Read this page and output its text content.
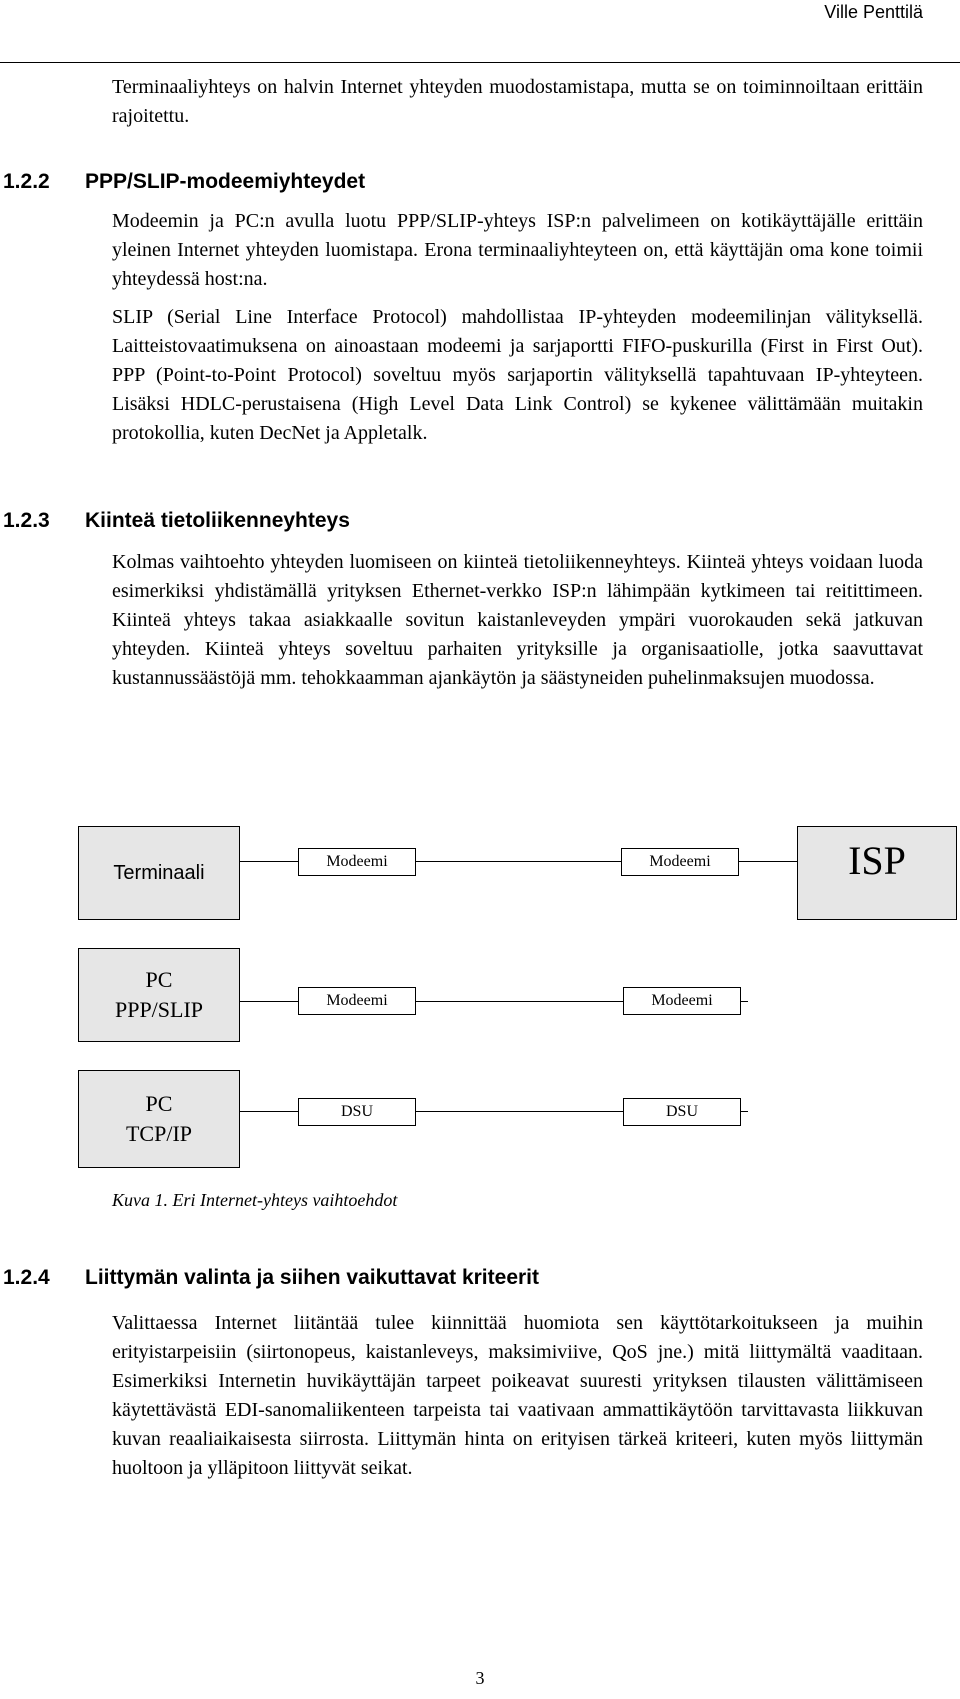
Ville Penttilä

Terminaaliyhteys on halvin Internet yhteyden muodostamistapa, mutta se on toiminnoiltaan erittäin rajoitettu.

1.2.2 PPP/SLIP-modeemiyhteydet

Modeemin ja PC:n avulla luotu PPP/SLIP-yhteys ISP:n palvelimeen on kotikäyttäjälle erittäin yleinen Internet yhteyden luomistapa. Erona terminaaliyhteyteen on, että käyttäjän oma kone toimii yhteydessä host:na.

SLIP (Serial Line Interface Protocol) mahdollistaa IP-yhteyden modeemilinjan välityksellä. Laitteistovaatimuksena on ainoastaan modeemi ja sarjaportti FIFO-puskurilla (First in First Out). PPP (Point-to-Point Protocol) soveltuu myös sarjaportin välityksellä tapahtuvaan IP-yhteyteen. Lisäksi HDLC-perustaisena (High Level Data Link Control) se kykenee välittämään muitakin protokollia, kuten DecNet ja Appletalk.

1.2.3 Kiinteä tietoliikenneyhteys

Kolmas vaihtoehto yhteyden luomiseen on kiinteä tietoliikenneyhteys. Kiinteä yhteys voidaan luoda esimerkiksi yhdistämällä yrityksen Ethernet-verkko ISP:n lähimpään kytkimeen tai reitittimeen. Kiinteä yhteys takaa asiakkaalle sovitun kaistanleveyden ympäri vuorokauden sekä jatkuvan yhteyden. Kiinteä yhteys soveltuu parhaiten yrityksille ja organisaatiolle, jotka saavuttavat kustannussäästöjä mm. tehokkaamman ajankäytön ja säästyneiden puhelinmaksujen muodossa.

Terminaali	Modeemi	Modeemi	ISP
PC
PPP/SLIP	Modeemi	Modeemi
PC
TCP/IP
DSU	DSU

Kuva 1. Eri Internet-yhteys vaihtoehdot

1.2.4 Liittymän valinta ja siihen vaikuttavat kriteerit

Valittaessa Internet liitäntää tulee kiinnittää huomiota sen käyttötarkoitukseen ja muihin erityistarpeisiin (siirtonopeus, kaistanleveys, maksimiviive, QoS jne.) mitä liittymältä vaaditaan. Esimerkiksi Internetin huvikäyttäjän tarpeet poikeavat suuresti yrityksen tilausten välittämiseen käytettävästä EDI-sanomaliikenteen tarpeista tai vaativaan ammattikäytöön tarvittavasta liikkuvan kuvan reaaliaikaisesta siirrosta. Liittymän hinta on erityisen tärkeä kriteeri, kuten myös liittymän huoltoon ja ylläpitoon liittyvät seikat.

3
